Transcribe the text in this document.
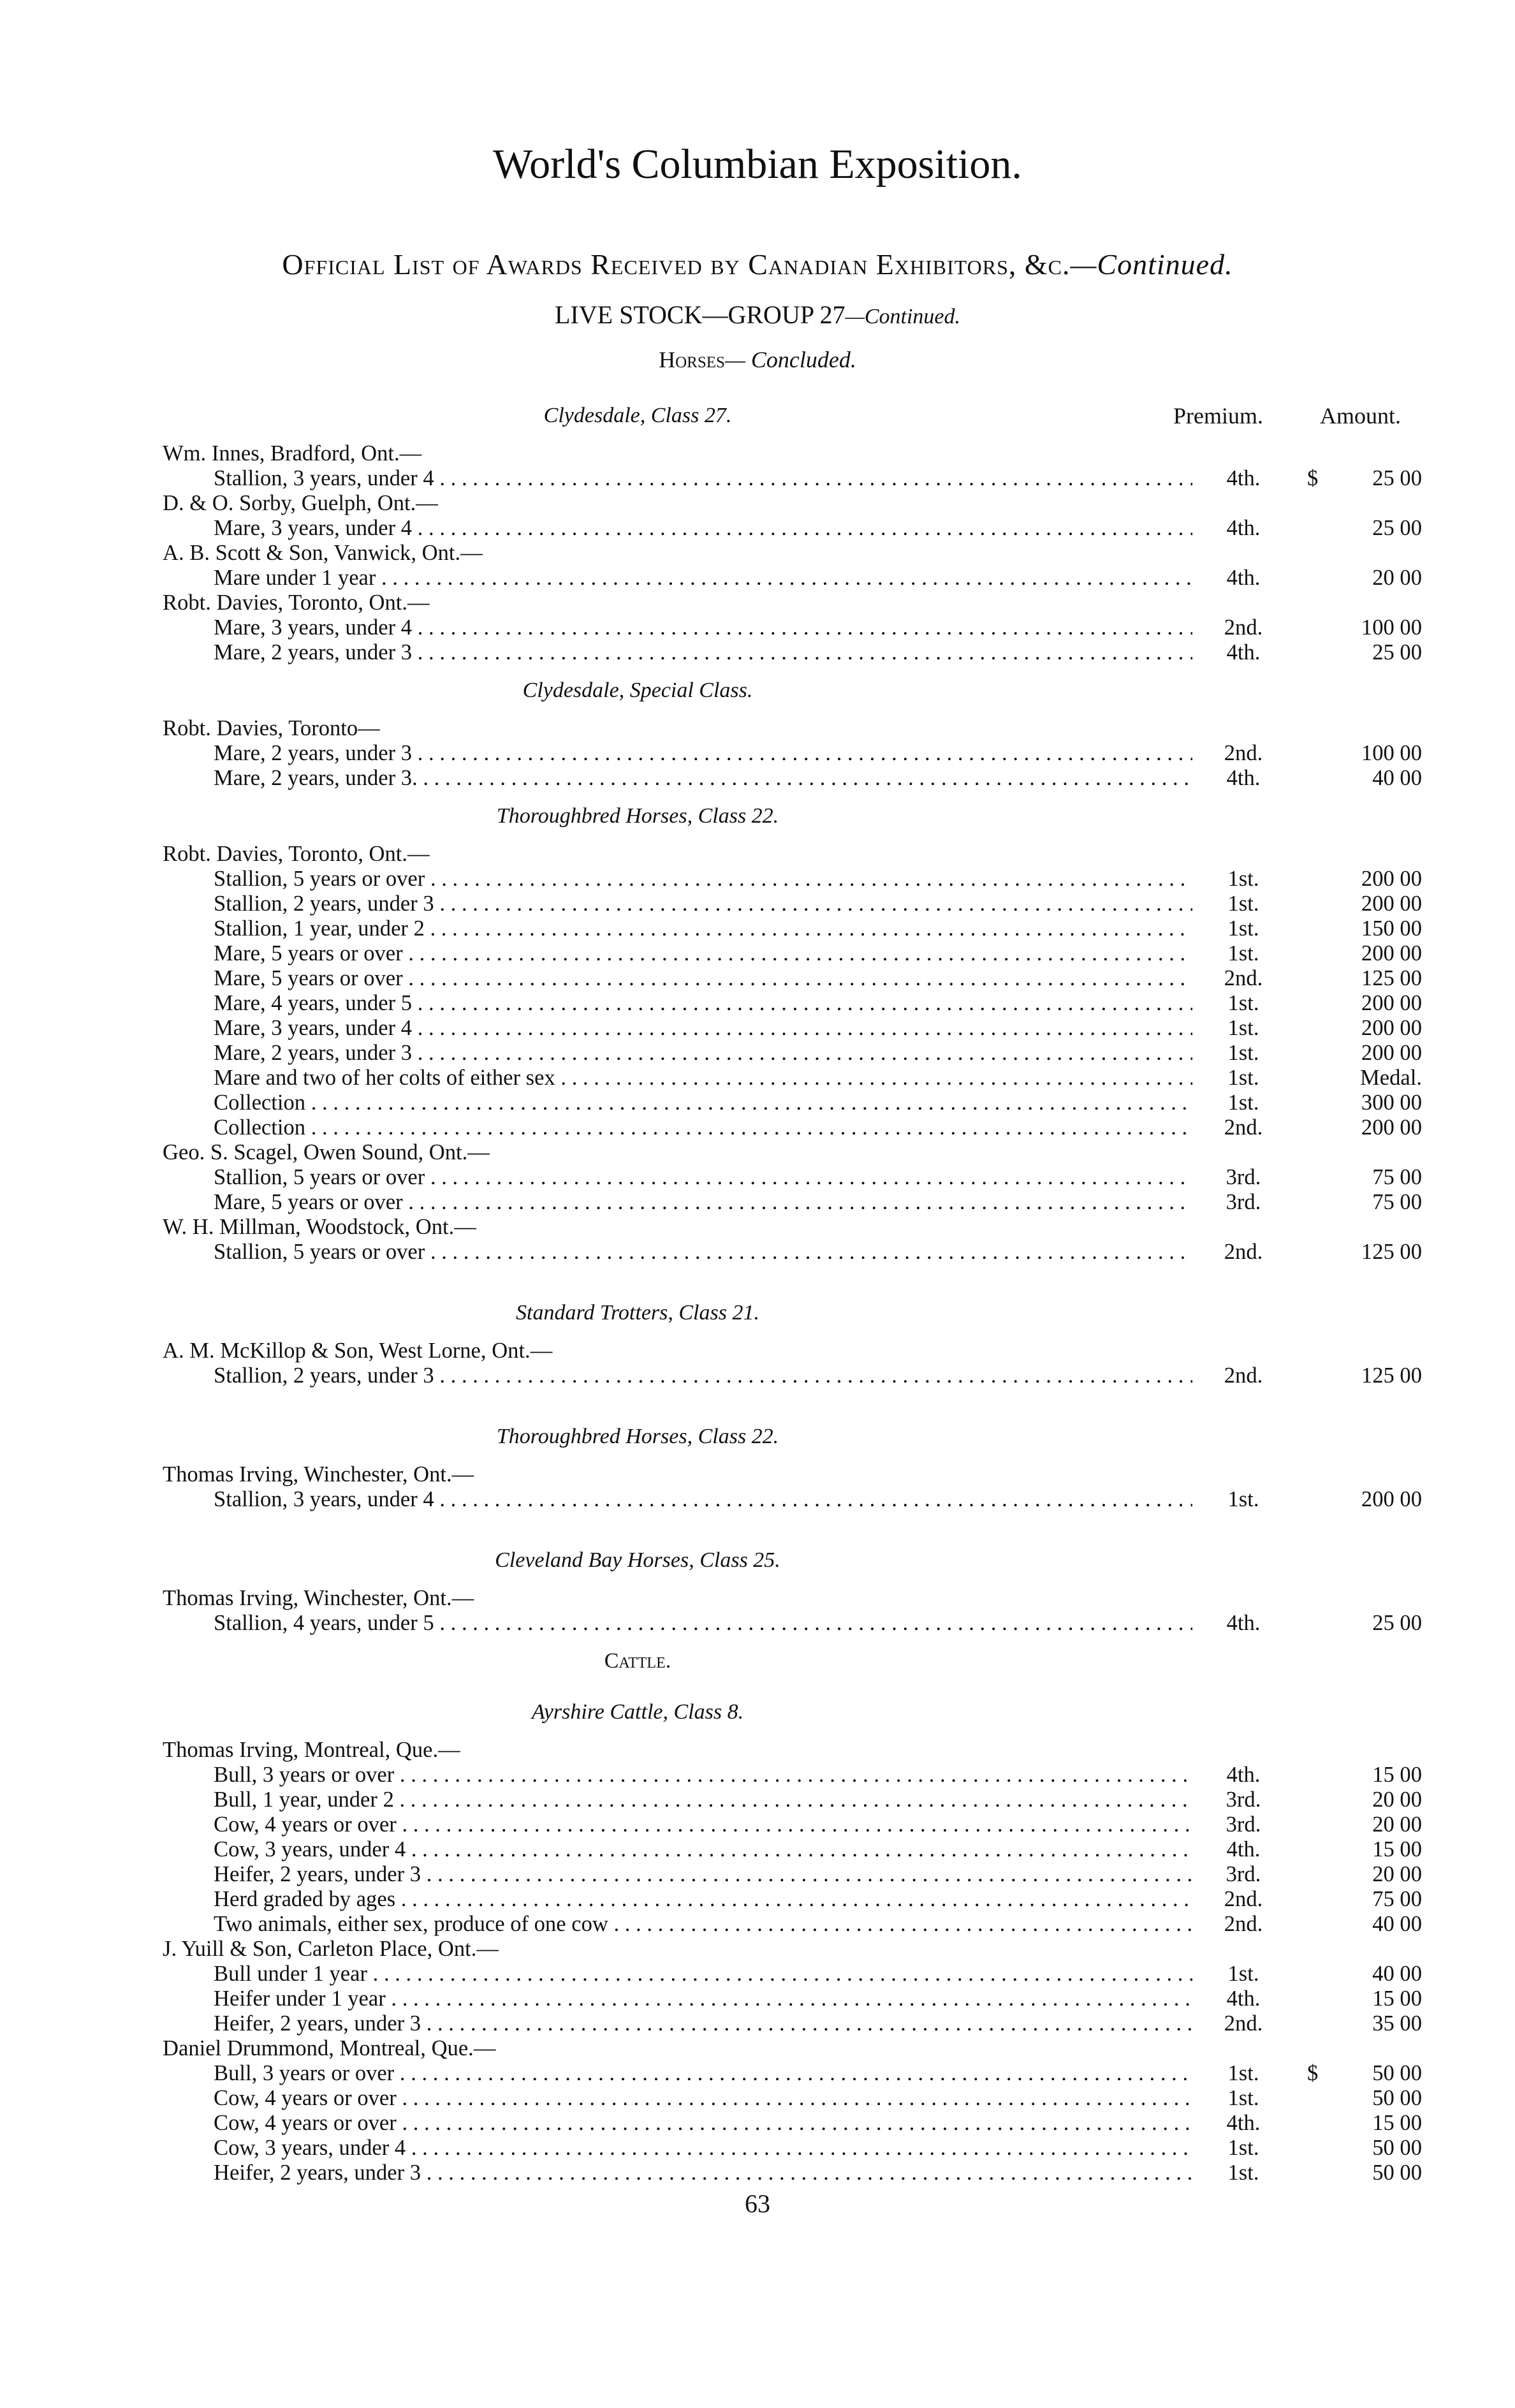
World's Columbian Exposition.
Official List of Awards Received by Canadian Exhibitors, &c.—Continued.
LIVE STOCK—GROUP 27—Continued.
Horses— Concluded.
Clydesdale, Class 27.	Premium. Amount.
Wm. Innes, Bradford, Ont.—
Stallion, 3 years, under 4 . . .	4th.	$ 25 00
D. & O. Sorby, Guelph, Ont.—
Mare, 3 years, under 4 . . .	4th.	25 00
A. B. Scott & Son, Vanwick, Ont.—
Mare under 1 year . . .	4th.	20 00
Robt. Davies, Toronto, Ont.—
Mare, 3 years, under 4 . . .	2nd.	100 00
Mare, 2 years, under 3 . . .	4th.	25 00
Clydesdale, Special Class.
Robt. Davies, Toronto—
Mare, 2 years, under 3 . . .	2nd.	100 00
Mare, 2 years, under 3. . . .	4th.	40 00
Thoroughbred Horses, Class 22.
Robt. Davies, Toronto, Ont.—
Stallion, 5 years or over . . .	1st.	200 00
Stallion, 2 years, under 3 . . .	1st.	200 00
Stallion, 1 year, under 2 . . .	1st.	150 00
Mare, 5 years or over . . .	1st.	200 00
Mare, 5 years or over . . .	2nd.	125 00
Mare, 4 years, under 5 . . .	1st.	200 00
Mare, 3 years, under 4 . . .	1st.	200 00
Mare, 2 years, under 3 . . .	1st.	200 00
Mare and two of her colts of either sex . . .	1st.	Medal.
Collection . . .	1st.	300 00
Collection . . .	2nd.	200 00
Geo. S. Scagel, Owen Sound, Ont.—
Stallion, 5 years or over . . .	3rd.	75 00
Mare, 5 years or over . . .	3rd.	75 00
W. H. Millman, Woodstock, Ont.—
Stallion, 5 years or over . . .	2nd.	125 00
Standard Trotters, Class 21.
A. M. McKillop & Son, West Lorne, Ont.—
Stallion, 2 years, under 3 . . .	2nd.	125 00
Thoroughbred Horses, Class 22.
Thomas Irving, Winchester, Ont.—
Stallion, 3 years, under 4 . . .	1st.	200 00
Cleveland Bay Horses, Class 25.
Thomas Irving, Winchester, Ont.—
Stallion, 4 years, under 5 . . .	4th.	25 00
Cattle.
Ayrshire Cattle, Class 8.
Thomas Irving, Montreal, Que.—
Bull, 3 years or over . . .	4th.	15 00
Bull, 1 year, under 2 . . .	3rd.	20 00
Cow, 4 years or over . . .	3rd.	20 00
Cow, 3 years, under 4 . . .	4th.	15 00
Heifer, 2 years, under 3 . . .	3rd.	20 00
Herd graded by ages . . .	2nd.	75 00
Two animals, either sex, produce of one cow . . .	2nd.	40 00
J. Yuill & Son, Carleton Place, Ont.—
Bull under 1 year . . .	1st.	40 00
Heifer under 1 year . . .	4th.	15 00
Heifer, 2 years, under 3 . . .	2nd.	35 00
Daniel Drummond, Montreal, Que.—
Bull, 3 years or over . . .	1st.	$ 50 00
Cow, 4 years or over . . .	1st.	50 00
Cow, 4 years or over . . .	4th.	15 00
Cow, 3 years, under 4 . . .	1st.	50 00
Heifer, 2 years, under 3 . . .	1st.	50 00
63
